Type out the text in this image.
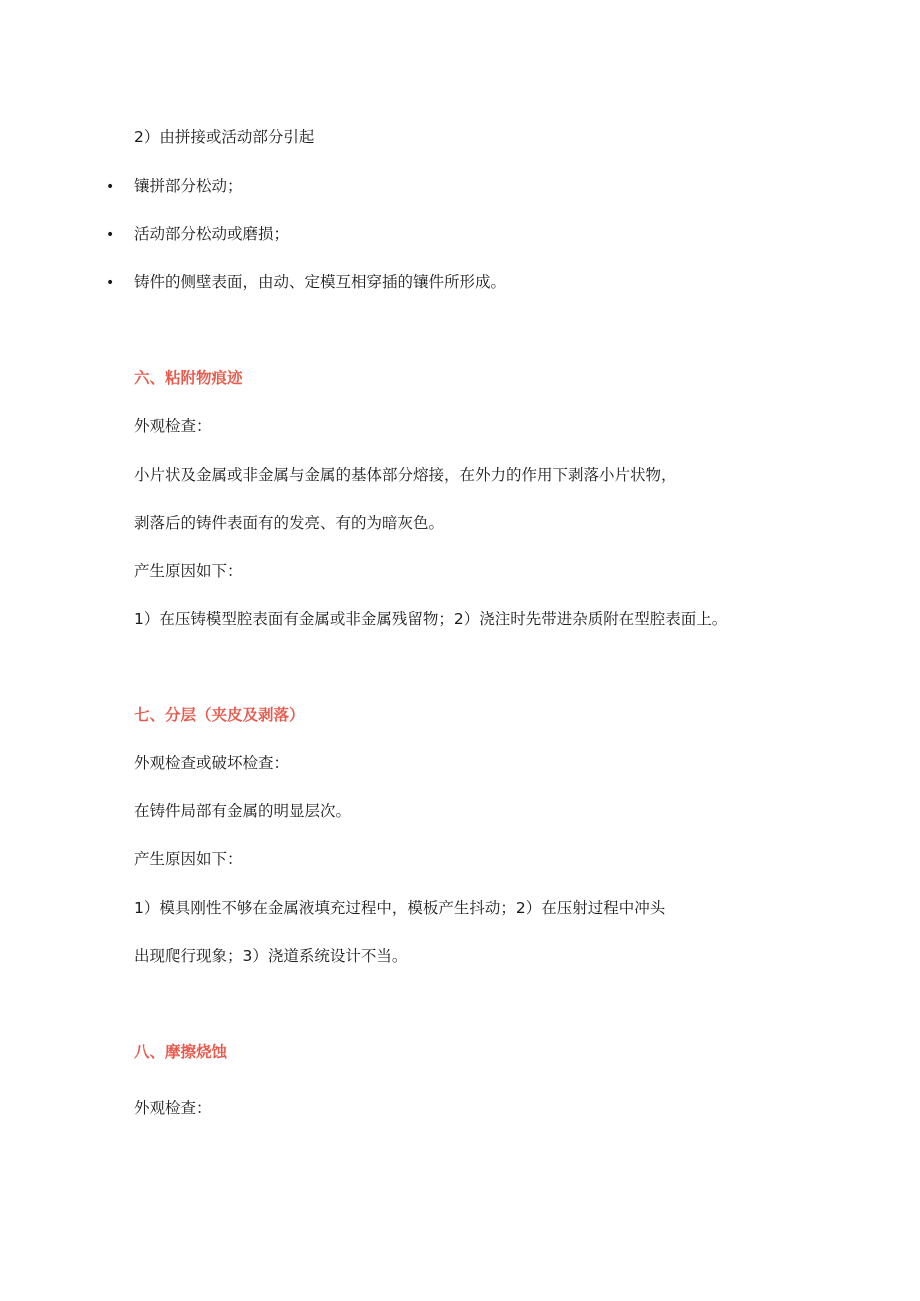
2）由拼接或活动部分引起
• 镶拼部分松动；
• 活动部分松动或磨损；
• 铸件的侧壁表面，由动、定模互相穿插的镶件所形成。
六、粘附物痕迹
外观检查：
小片状及金属或非金属与金属的基体部分熔接，在外力的作用下剥落小片状物，
剥落后的铸件表面有的发亮、有的为暗灰色。
产生原因如下：
1）在压铸模型腔表面有金属或非金属残留物；2）浇注时先带进杂质附在型腔表面上。
七、分层（夹皮及剥落）
外观检查或破坏检查：
在铸件局部有金属的明显层次。
产生原因如下：
1）模具刚性不够在金属液填充过程中，模板产生抖动；2）在压射过程中冲头
出现爬行现象；3）浇道系统设计不当。
八、摩擦烧蚀
外观检查：
